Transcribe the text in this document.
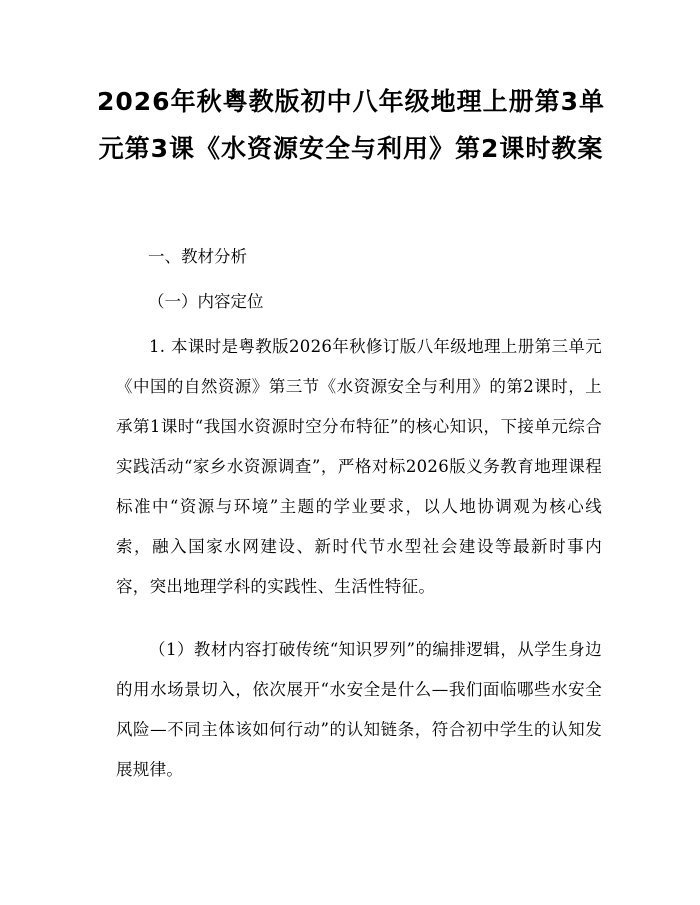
2026年秋粤教版初中八年级地理上册第3单元第3课《水资源安全与利用》第2课时教案

一、教材分析

（一）内容定位

1. 本课时是粤教版2026年秋修订版八年级地理上册第三单元《中国的自然资源》第三节《水资源安全与利用》的第2课时，上承第1课时“我国水资源时空分布特征”的核心知识，下接单元综合实践活动“家乡水资源调查”，严格对标2026版义务教育地理课程标准中“资源与环境”主题的学业要求，以人地协调观为核心线索，融入国家水网建设、新时代节水型社会建设等最新时事内容，突出地理学科的实践性、生活性特征。

（1）教材内容打破传统“知识罗列”的编排逻辑，从学生身边的用水场景切入，依次展开“水安全是什么—我们面临哪些水安全风险—不同主体该如何行动”的认知链条，符合初中学生的认知发展规律。
